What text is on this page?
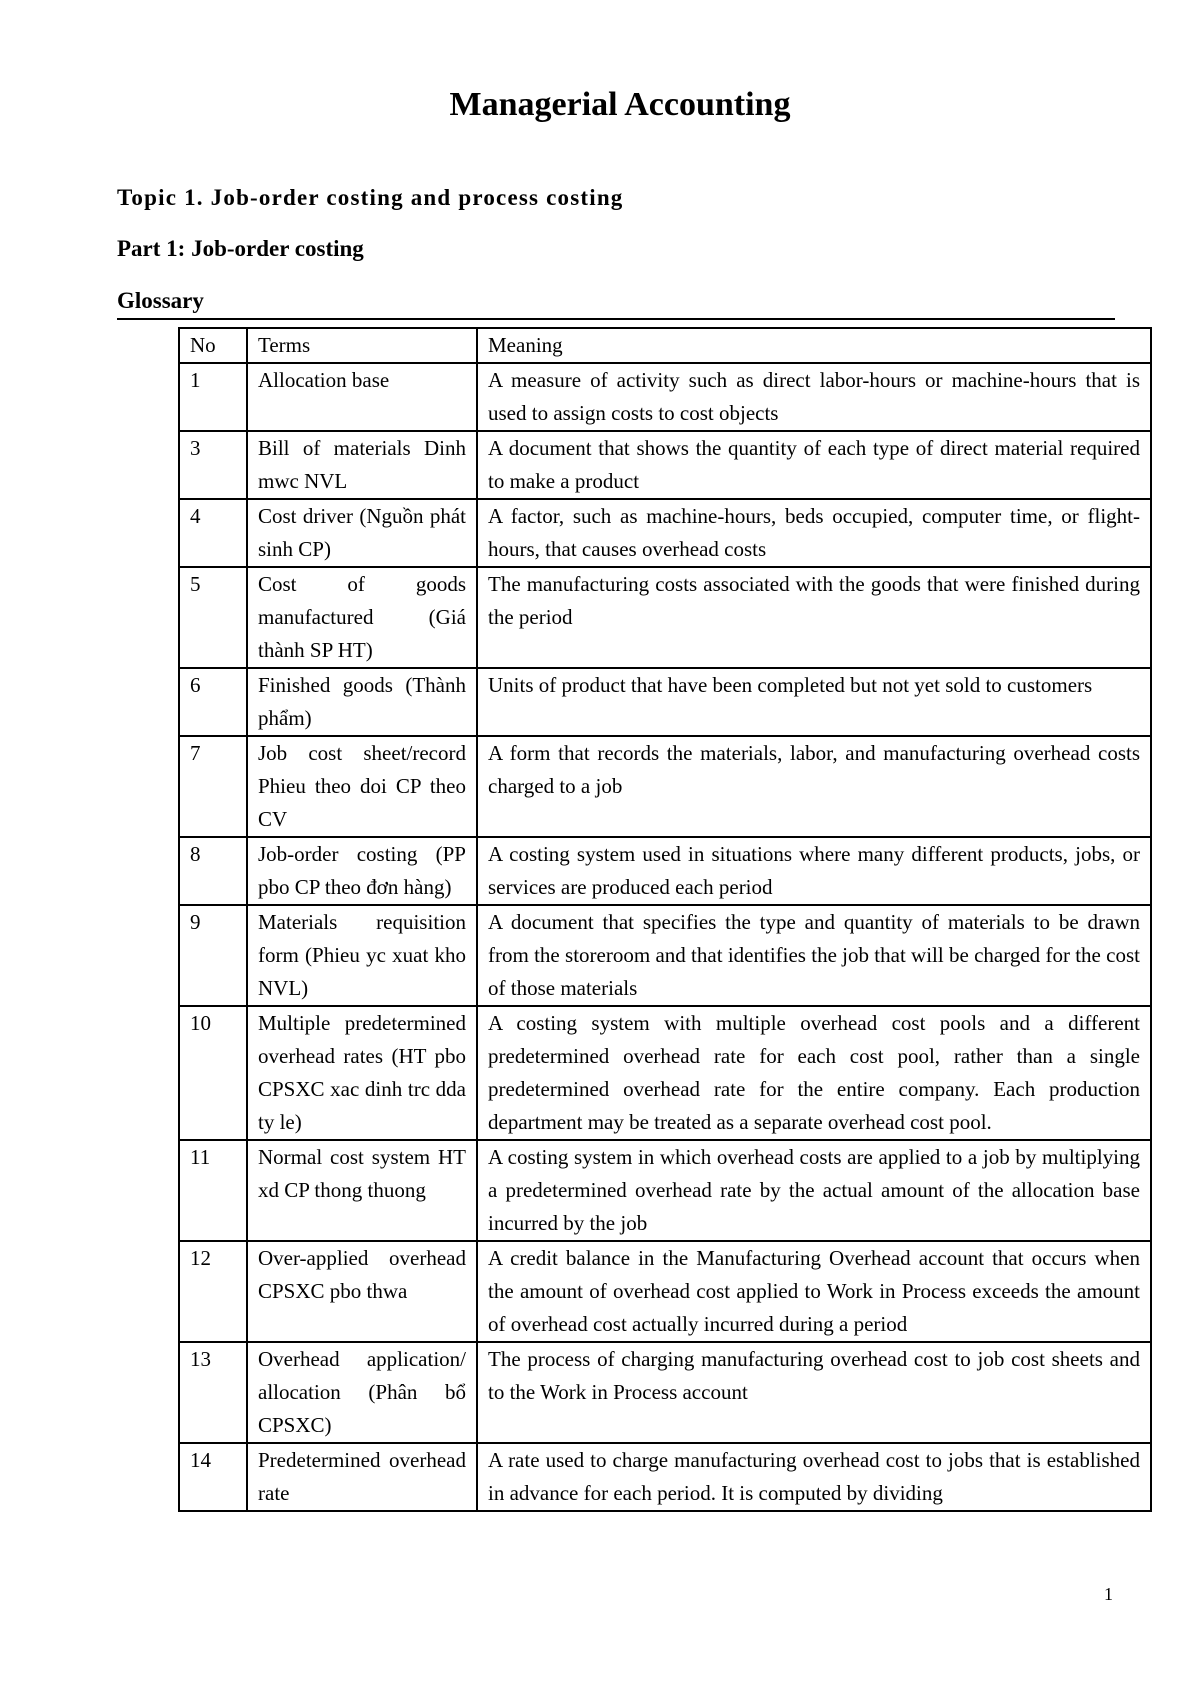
Managerial Accounting
Topic 1. Job-order costing and process costing
Part 1: Job-order costing
Glossary
No	Terms	Meaning
1	Allocation base	A measure of activity such as direct labor-hours or machine-hours that is used to assign costs to cost objects
3	Bill of materials Dinh mwc NVL	A document that shows the quantity of each type of direct material required to make a product
4	Cost driver (Nguồn phát sinh CP)	A factor, such as machine-hours, beds occupied, computer time, or flight-hours, that causes overhead costs
5	Cost of goods manufactured (Giá thành SP HT)	The manufacturing costs associated with the goods that were finished during the period
6	Finished goods (Thành phẩm)	Units of product that have been completed but not yet sold to customers
7	Job cost sheet/record Phieu theo doi CP theo CV	A form that records the materials, labor, and manufacturing overhead costs charged to a job
8	Job-order costing (PP pbo CP theo đơn hàng)	A costing system used in situations where many different products, jobs, or services are produced each period
9	Materials requisition form (Phieu yc xuat kho NVL)	A document that specifies the type and quantity of materials to be drawn from the storeroom and that identifies the job that will be charged for the cost of those materials
10	Multiple predetermined overhead rates (HT pbo CPSXC xac dinh trc dda ty le)	A costing system with multiple overhead cost pools and a different predetermined overhead rate for each cost pool, rather than a single predetermined overhead rate for the entire company. Each production department may be treated as a separate overhead cost pool.
11	Normal cost system HT xd CP thong thuong	A costing system in which overhead costs are applied to a job by multiplying a predetermined overhead rate by the actual amount of the allocation base incurred by the job
12	Over-applied overhead CPSXC pbo thwa	A credit balance in the Manufacturing Overhead account that occurs when the amount of overhead cost applied to Work in Process exceeds the amount of overhead cost actually incurred during a period
13	Overhead application/ allocation (Phân bổ CPSXC)	The process of charging manufacturing overhead cost to job cost sheets and to the Work in Process account
14	Predetermined overhead rate	A rate used to charge manufacturing overhead cost to jobs that is established in advance for each period. It is computed by dividing
1
